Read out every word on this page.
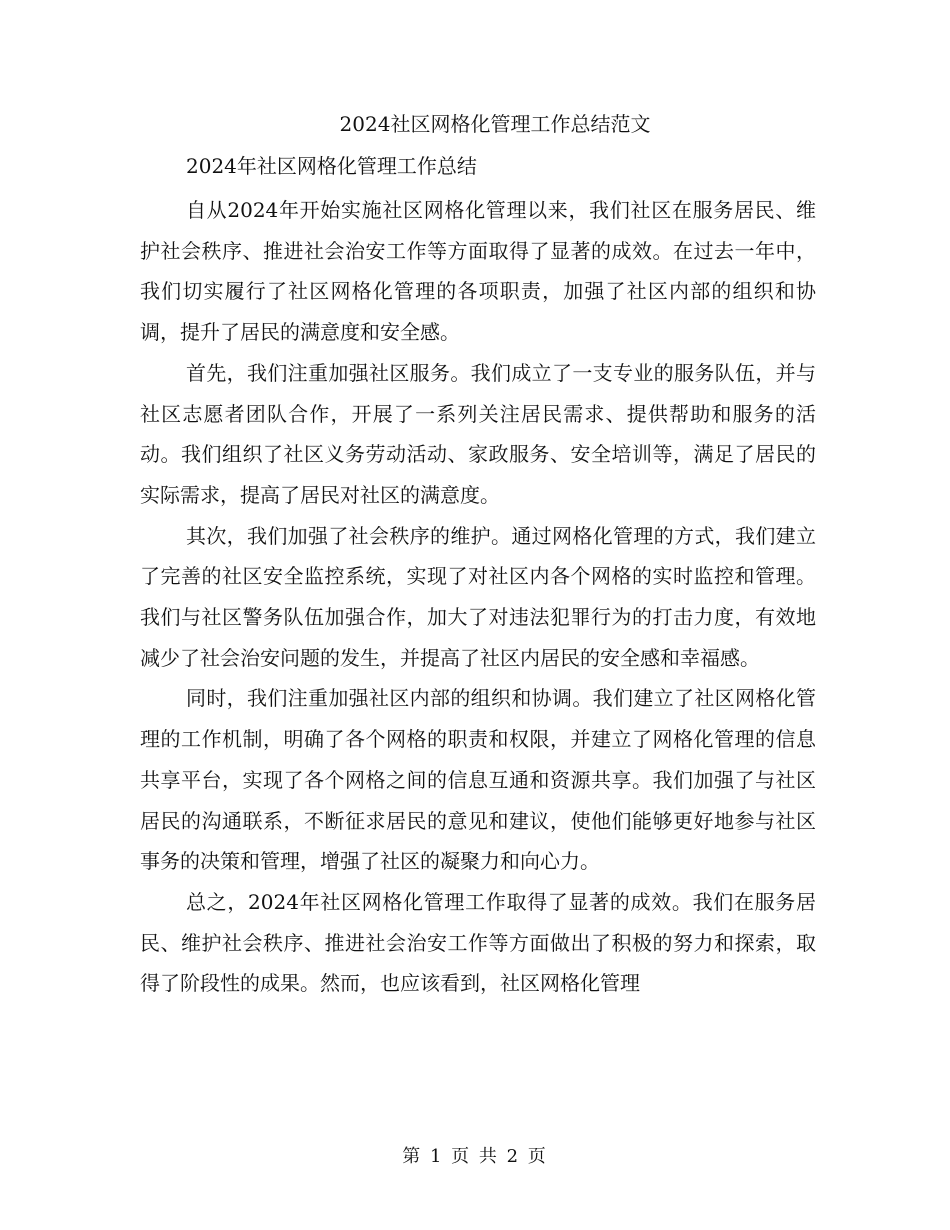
2024社区网格化管理工作总结范文

2024年社区网格化管理工作总结

自从2024年开始实施社区网格化管理以来，我们社区在服务居民、维护社会秩序、推进社会治安工作等方面取得了显著的成效。在过去一年中，我们切实履行了社区网格化管理的各项职责，加强了社区内部的组织和协调，提升了居民的满意度和安全感。

首先，我们注重加强社区服务。我们成立了一支专业的服务队伍，并与社区志愿者团队合作，开展了一系列关注居民需求、提供帮助和服务的活动。我们组织了社区义务劳动活动、家政服务、安全培训等，满足了居民的实际需求，提高了居民对社区的满意度。

其次，我们加强了社会秩序的维护。通过网格化管理的方式，我们建立了完善的社区安全监控系统，实现了对社区内各个网格的实时监控和管理。我们与社区警务队伍加强合作，加大了对违法犯罪行为的打击力度，有效地减少了社会治安问题的发生，并提高了社区内居民的安全感和幸福感。

同时，我们注重加强社区内部的组织和协调。我们建立了社区网格化管理的工作机制，明确了各个网格的职责和权限，并建立了网格化管理的信息共享平台，实现了各个网格之间的信息互通和资源共享。我们加强了与社区居民的沟通联系，不断征求居民的意见和建议，使他们能够更好地参与社区事务的决策和管理，增强了社区的凝聚力和向心力。

总之，2024年社区网格化管理工作取得了显著的成效。我们在服务居民、维护社会秩序、推进社会治安工作等方面做出了积极的努力和探索，取得了阶段性的成果。然而，也应该看到，社区网格化管理

第 1 页 共 2 页
